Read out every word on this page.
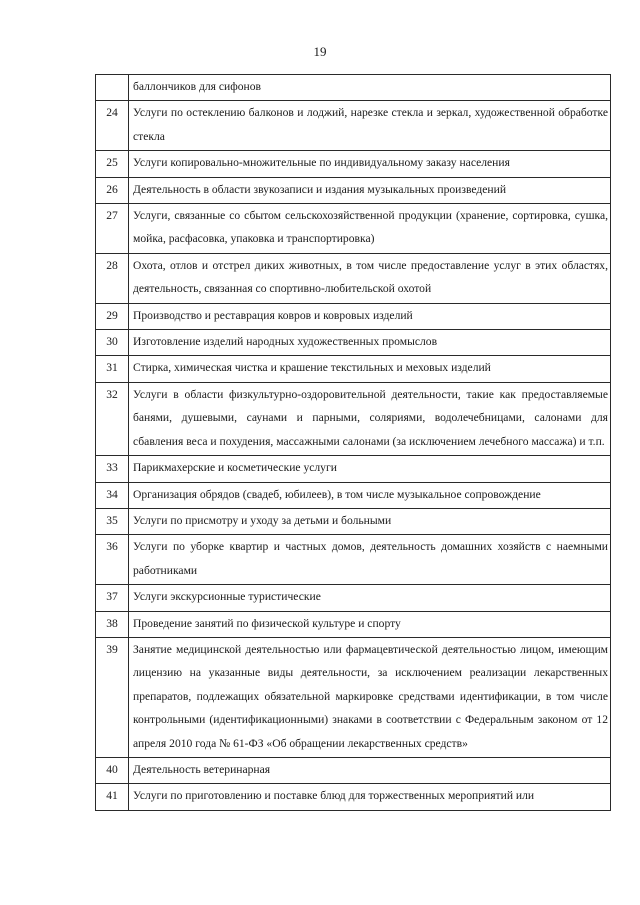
19
	баллончиков для сифонов
24	Услуги по остеклению балконов и лоджий, нарезке стекла и зеркал, художественной обработке стекла
25	Услуги копировально-множительные по индивидуальному заказу населения
26	Деятельность в области звукозаписи и издания музыкальных произведений
27	Услуги, связанные со сбытом сельскохозяйственной продукции (хранение, сортировка, сушка, мойка, расфасовка, упаковка и транспортировка)
28	Охота, отлов и отстрел диких животных, в том числе предоставление услуг в этих областях, деятельность, связанная со спортивно-любительской охотой
29	Производство и реставрация ковров и ковровых изделий
30	Изготовление изделий народных художественных промыслов
31	Стирка, химическая чистка и крашение текстильных и меховых изделий
32	Услуги в области физкультурно-оздоровительной деятельности, такие как предоставляемые банями, душевыми, саунами и парными, соляриями, водолечебницами, салонами для сбавления веса и похудения, массажными салонами (за исключением лечебного массажа) и т.п.
33	Парикмахерские и косметические услуги
34	Организация обрядов (свадеб, юбилеев), в том числе музыкальное сопровождение
35	Услуги по присмотру и уходу за детьми и больными
36	Услуги по уборке квартир и частных домов, деятельность домашних хозяйств с наемными работниками
37	Услуги экскурсионные туристические
38	Проведение занятий по физической культуре и спорту
39	Занятие медицинской деятельностью или фармацевтической деятельностью лицом, имеющим лицензию на указанные виды деятельности, за исключением реализации лекарственных препаратов, подлежащих обязательной маркировке средствами идентификации, в том числе контрольными (идентификационными) знаками в соответствии с Федеральным законом от 12 апреля 2010 года № 61-ФЗ «Об обращении лекарственных средств»
40	Деятельность ветеринарная
41	Услуги по приготовлению и поставке блюд для торжественных мероприятий или
